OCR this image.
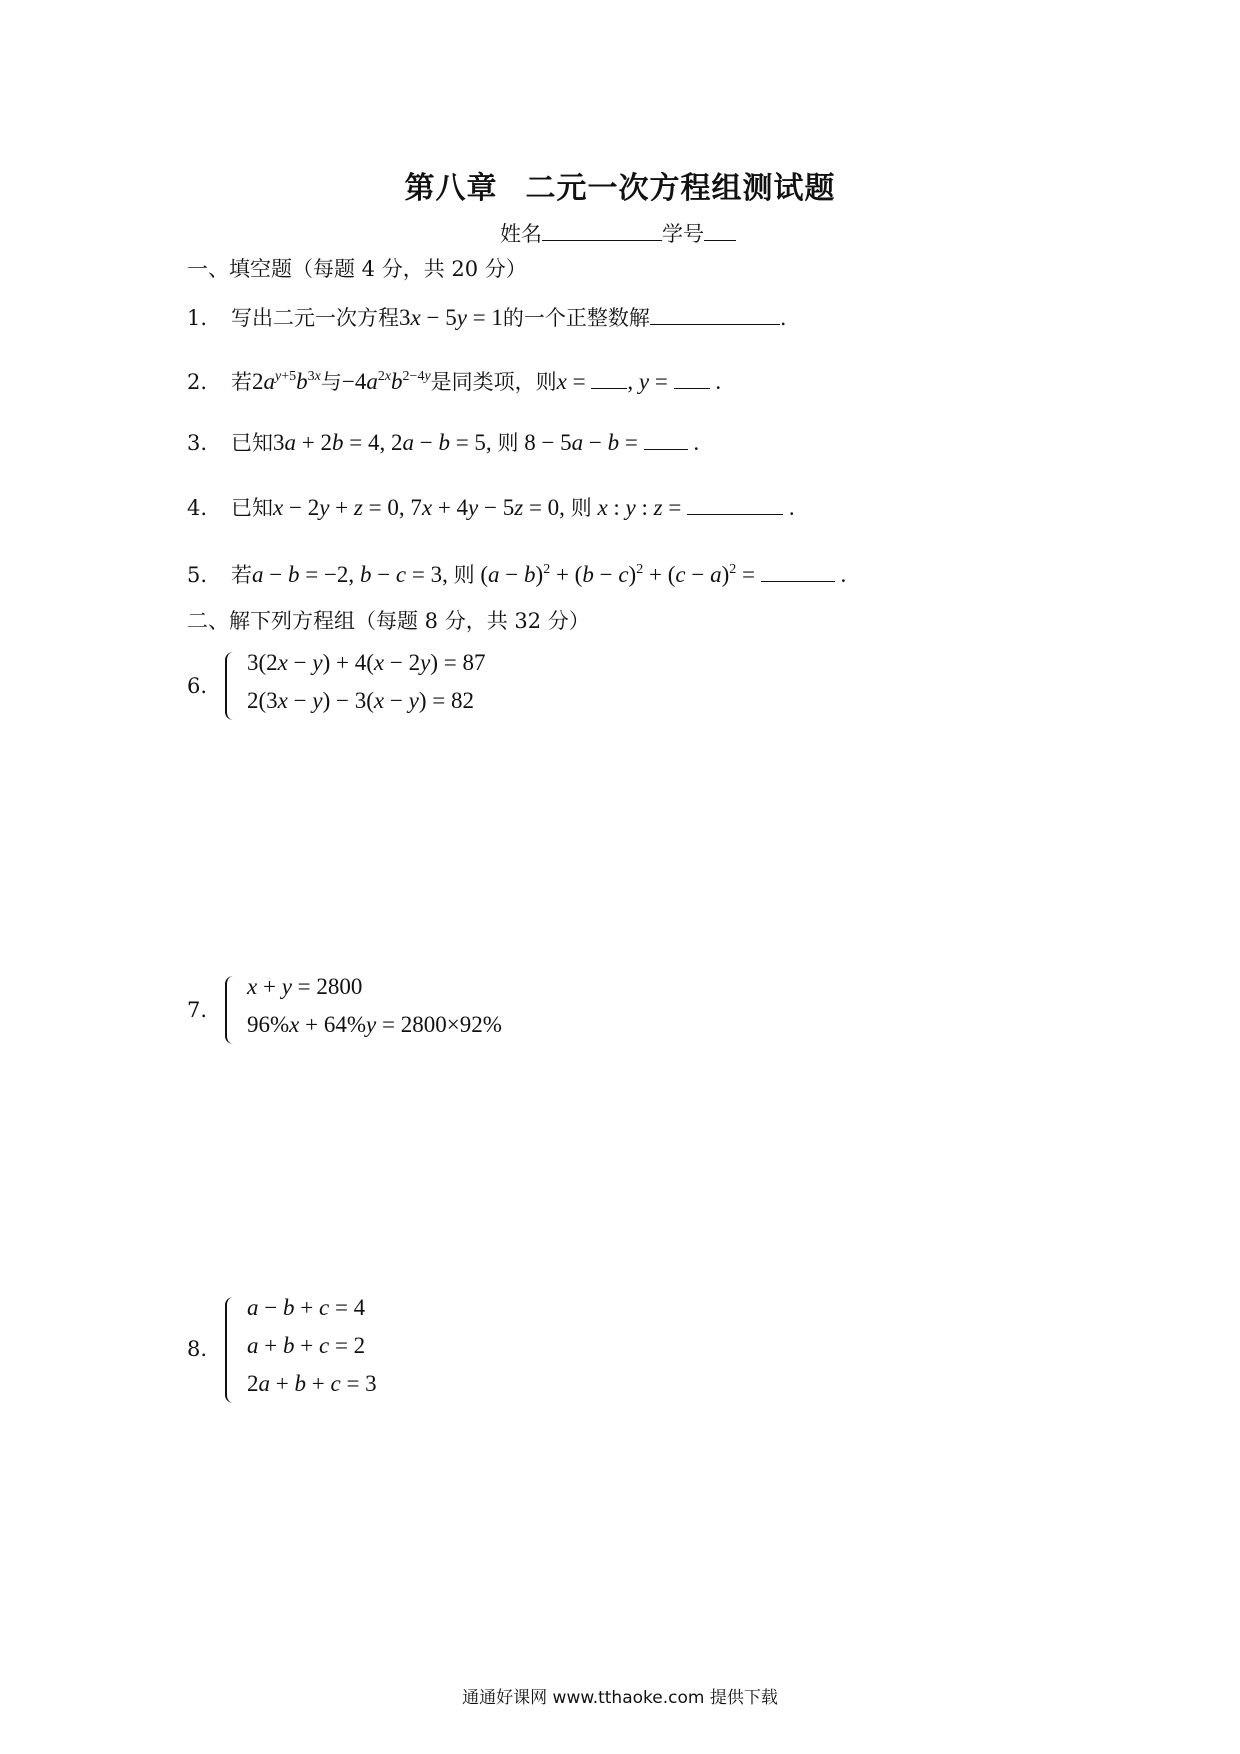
第八章 二元一次方程组测试题
姓名	学号
一、填空题（每题 4 分，共 20 分）
1. 写出二元一次方程3x − 5y = 1的一个正整数解	.
2. 若$2a^{y+5}b^{3x}$与$-4a^{2x}b^{2-4y}$是同类项，则x = , y =  .
3. 已知3a + 2b = 4, 2a − b = 5, 则 8 − 5a − b =  .
4. 已知x − 2y + z = 0, 7x + 4y − 5z = 0, 则 x : y : z =	.
5. 若a − b = −2, b − c = 3, 则 $(a - b)^2 + (b - c)^2 + (c - a)^2$ =	.
二、解下列方程组（每题 8 分，共 32 分）
6.
3(2x − y) + 4(x − 2y) = 87
2(3x − y) − 3(x − y) = 82
7.
x + y = 2800
96%x + 64%y = 2800×92%
8.
a − b + c = 4
a + b + c = 2
2a + b + c = 3
通通好课网 www.tthaoke.com 提供下载
